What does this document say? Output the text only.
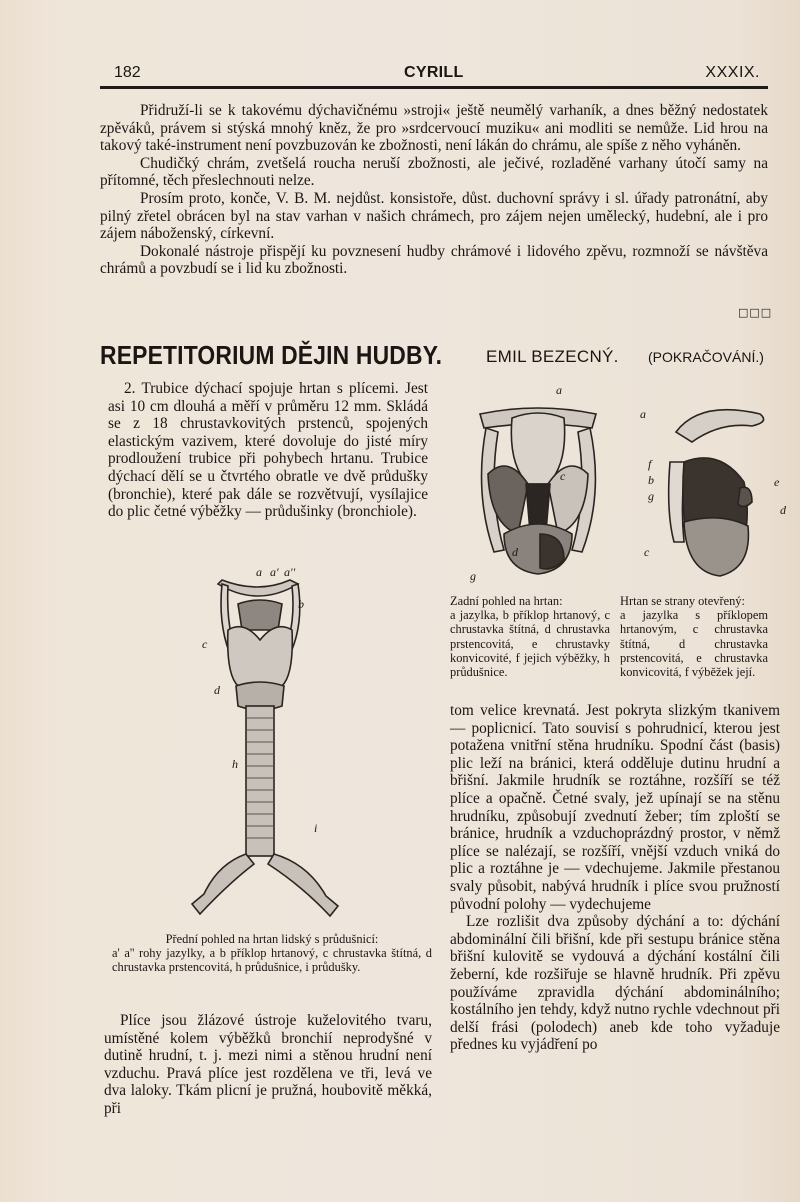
182	CYRILL	XXXIX.

Přidruží-li se k takovému dýchavičnému »stroji« ještě neumělý varhaník, a dnes běžný nedostatek zpěváků, právem si stýská mnohý kněz, že pro »srdcervoucí muziku« ani modliti se nemůže. Lid hrou na takový také-instrument není povzbuzován ke zbožnosti, není lákán do chrámu, ale spíše z něho vyháněn.

Chudičký chrám, zvetšelá roucha neruší zbožnosti, ale ječivé, rozladěné varhany útočí samy na přítomné, těch přeslechnouti nelze.

Prosím proto, konče, V. B. M. nejdůst. konsistoře, důst. duchovní správy i sl. úřady patronátní, aby pilný zřetel obrácen byl na stav varhan v našich chrámech, pro zájem nejen umělecký, hudební, ale i pro zájem náboženský, církevní.

Dokonalé nástroje přispějí ku povznesení hudby chrámové i lidového zpěvu, rozmnoží se návštěva chrámů a povzbudí se i lid ku zbožnosti.

□□□
REPETITORIUM DĚJIN HUDBY.	EMIL BEZECNÝ. (POKRAČOVÁNÍ.)

2. Trubice dýchací spojuje hrtan s plícemi. Jest asi 10 cm dlouhá a měří v průměru 12 mm. Skládá se z 18 chrustavkovitých prstenců, spojených elastickým vazivem, které dovoluje do jisté míry prodloužení trubice při pohybech hrtanu. Trubice dýchací dělí se u čtvrtého obratle ve dvě průdušky (bronchie), které pak dále se rozvětvují, vysílajice do plic četné výběžky — průdušinky (bronchiole).

a
c
d
g
a
f
b
g
e
d
c
Zadní pohled na hrtan:
a jazylka, b příklop hrtanový, c chrustavka štítná, d chrustavka prstencovitá, e chrustavky konvicovité, f jejich výběžky, h průdušnice.
Hrtan se strany otevřený:
a jazylka s příklopem hrtanovým, c chrustavka štítná, d chrustavka prstencovitá, e chrustavka konvicovitá, f výběžek její.
a a' a''
b
c
d
h
i
Přední pohled na hrtan lidský s průdušnicí:
a' a'' rohy jazylky, a b příklop hrtanový, c chrustavka štítná, d chrustavka prstencovitá, h průdušnice, i průdušky.

Plíce jsou žlázové ústroje kuželovitého tvaru, umístěné kolem výběžků bronchií neprodyšné v dutině hrudní, t. j. mezi nimi a stěnou hrudní není vzduchu. Pravá plíce jest rozdělena ve tři, levá ve dva laloky. Tkám plicní je pružná, houbovitě měkká, při

tom velice krevnatá. Jest pokryta slizkým tkanivem — poplicnicí. Tato souvisí s pohrudnicí, kterou jest potažena vnitřní stěna hrudníku. Spodní část (basis) plic leží na bránici, která odděluje dutinu hrudní a břišní. Jakmile hrudník se roztáhne, rozšíří se též plíce a opačně. Četné svaly, jež upínají se na stěnu hrudníku, způsobují zvednutí žeber; tím zploští se bránice, hrudník a vzduchoprázdný prostor, v němž plíce se nalézají, se rozšíří, vnější vzduch vniká do plic a roztáhne je — vdechujeme. Jakmile přestanou svaly působit, nabývá hrudník i plíce svou pružností původní polohy — vydechujeme

Lze rozlišit dva způsoby dýchání a to: dýchání abdominální čili břišní, kde při sestupu bránice stěna břišní kulovitě se vydouvá a dýchání kostální čili žeberní, kde rozšiřuje se hlavně hrudník. Při zpěvu používáme zpravidla dýchání abdominálního; kostálního jen tehdy, když nutno rychle vdechnout při delší frási (polodech) aneb kde toho vyžaduje přednes ku vyjádření po
